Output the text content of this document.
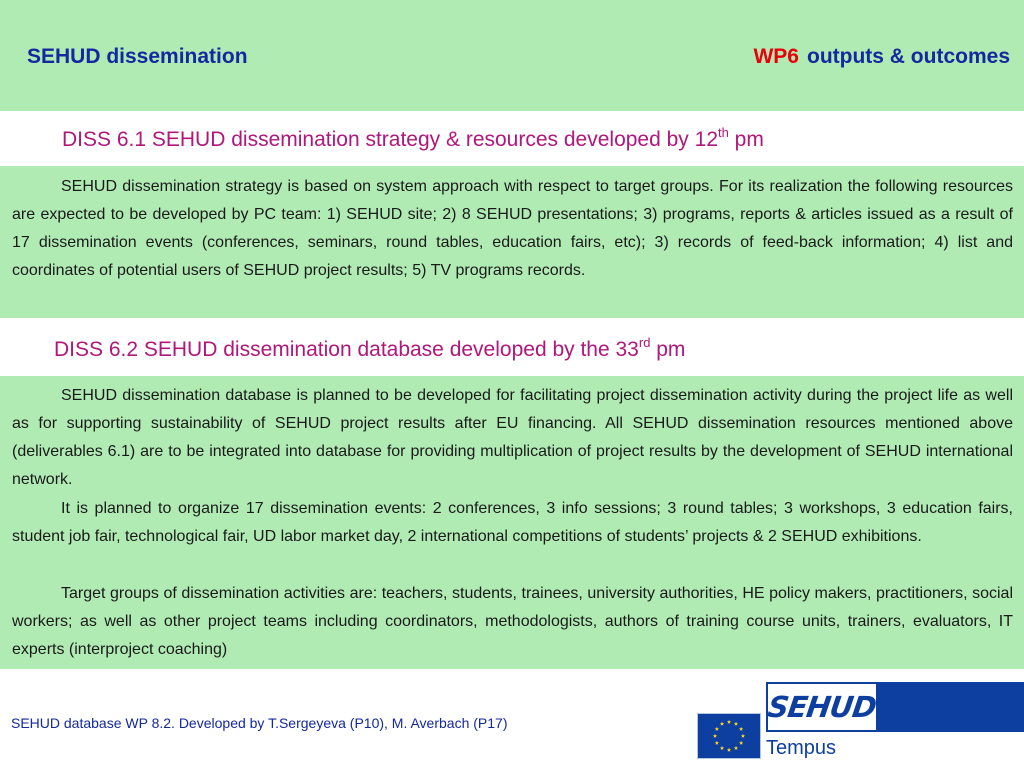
SEHUD dissemination	WP6 outputs & outcomes
DISS 6.1 SEHUD dissemination strategy & resources developed by 12th pm

SEHUD dissemination strategy is based on system approach with respect to target groups. For its realization the following resources are expected to be developed by PC team: 1) SEHUD site; 2) 8 SEHUD presentations; 3) programs, reports & articles issued as a result of 17 dissemination events (conferences, seminars, round tables, education fairs, etc); 3) records of feed-back information; 4) list and coordinates of potential users of SEHUD project results; 5) TV programs records.

DISS 6.2 SEHUD dissemination database developed by the 33rd pm

SEHUD dissemination database is planned to be developed for facilitating project dissemination activity during the project life as well as for supporting sustainability of SEHUD project results after EU financing. All SEHUD dissemination resources mentioned above (deliverables 6.1) are to be integrated into database for providing multiplication of project results by the development of SEHUD international network.

It is planned to organize 17 dissemination events: 2 conferences, 3 info sessions; 3 round tables; 3 workshops, 3 education fairs, student job fair, technological fair, UD labor market day, 2 international competitions of students’ projects & 2 SEHUD exhibitions.

Target groups of dissemination activities are: teachers, students, trainees, university authorities, HE policy makers, practitioners, social workers; as well as other project teams including coordinators, methodologists, authors of training course units, trainers, evaluators, IT experts (interproject coaching)

SEHUD database WP 8.2. Developed by T.Sergeyeva (P10), M. Averbach (P17)	SEHUD

Tempus
